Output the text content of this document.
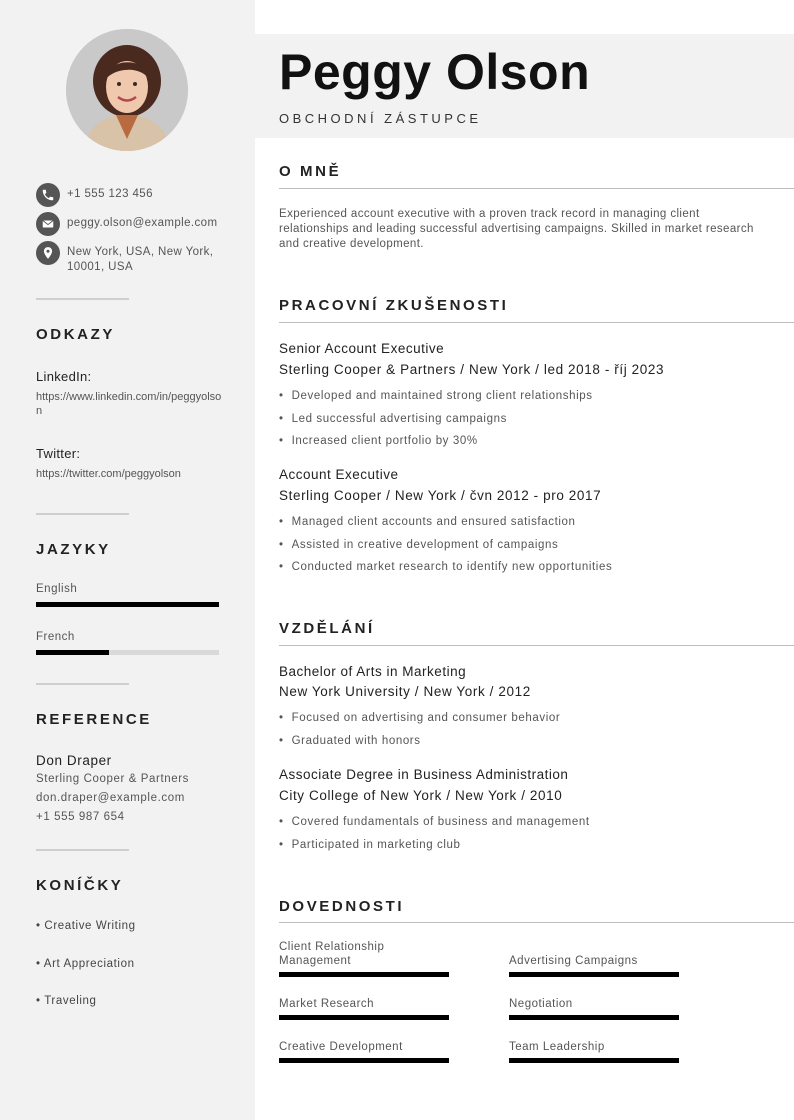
+1 555 123 456
peggy.olson@example.com
New York, USA, New York, 10001, USA
ODKAZY
LinkedIn:
https://www.linkedin.com/in/peggyolson
Twitter:
https://twitter.com/peggyolson
JAZYKY
English
French
REFERENCE
Don Draper
Sterling Cooper & Partners
don.draper@example.com
+1 555 987 654
KONÍČKY
• Creative Writing
• Art Appreciation
• Traveling
Peggy Olson
OBCHODNÍ ZÁSTUPCE
O MNĚ
Experienced account executive with a proven track record in managing client relationships and leading successful advertising campaigns. Skilled in market research and creative development.
PRACOVNÍ ZKUŠENOSTI
Senior Account Executive
Sterling Cooper & Partners / New York / led 2018 - říj 2023
• Developed and maintained strong client relationships
• Led successful advertising campaigns
• Increased client portfolio by 30%
Account Executive
Sterling Cooper / New York / čvn 2012 - pro 2017
• Managed client accounts and ensured satisfaction
• Assisted in creative development of campaigns
• Conducted market research to identify new opportunities
VZDĚLÁNÍ
Bachelor of Arts in Marketing
New York University / New York / 2012
• Focused on advertising and consumer behavior
• Graduated with honors
Associate Degree in Business Administration
City College of New York / New York / 2010
• Covered fundamentals of business and management
• Participated in marketing club
DOVEDNOSTI
Client Relationship Management	Advertising Campaigns
Market Research	Negotiation
Creative Development	Team Leadership
